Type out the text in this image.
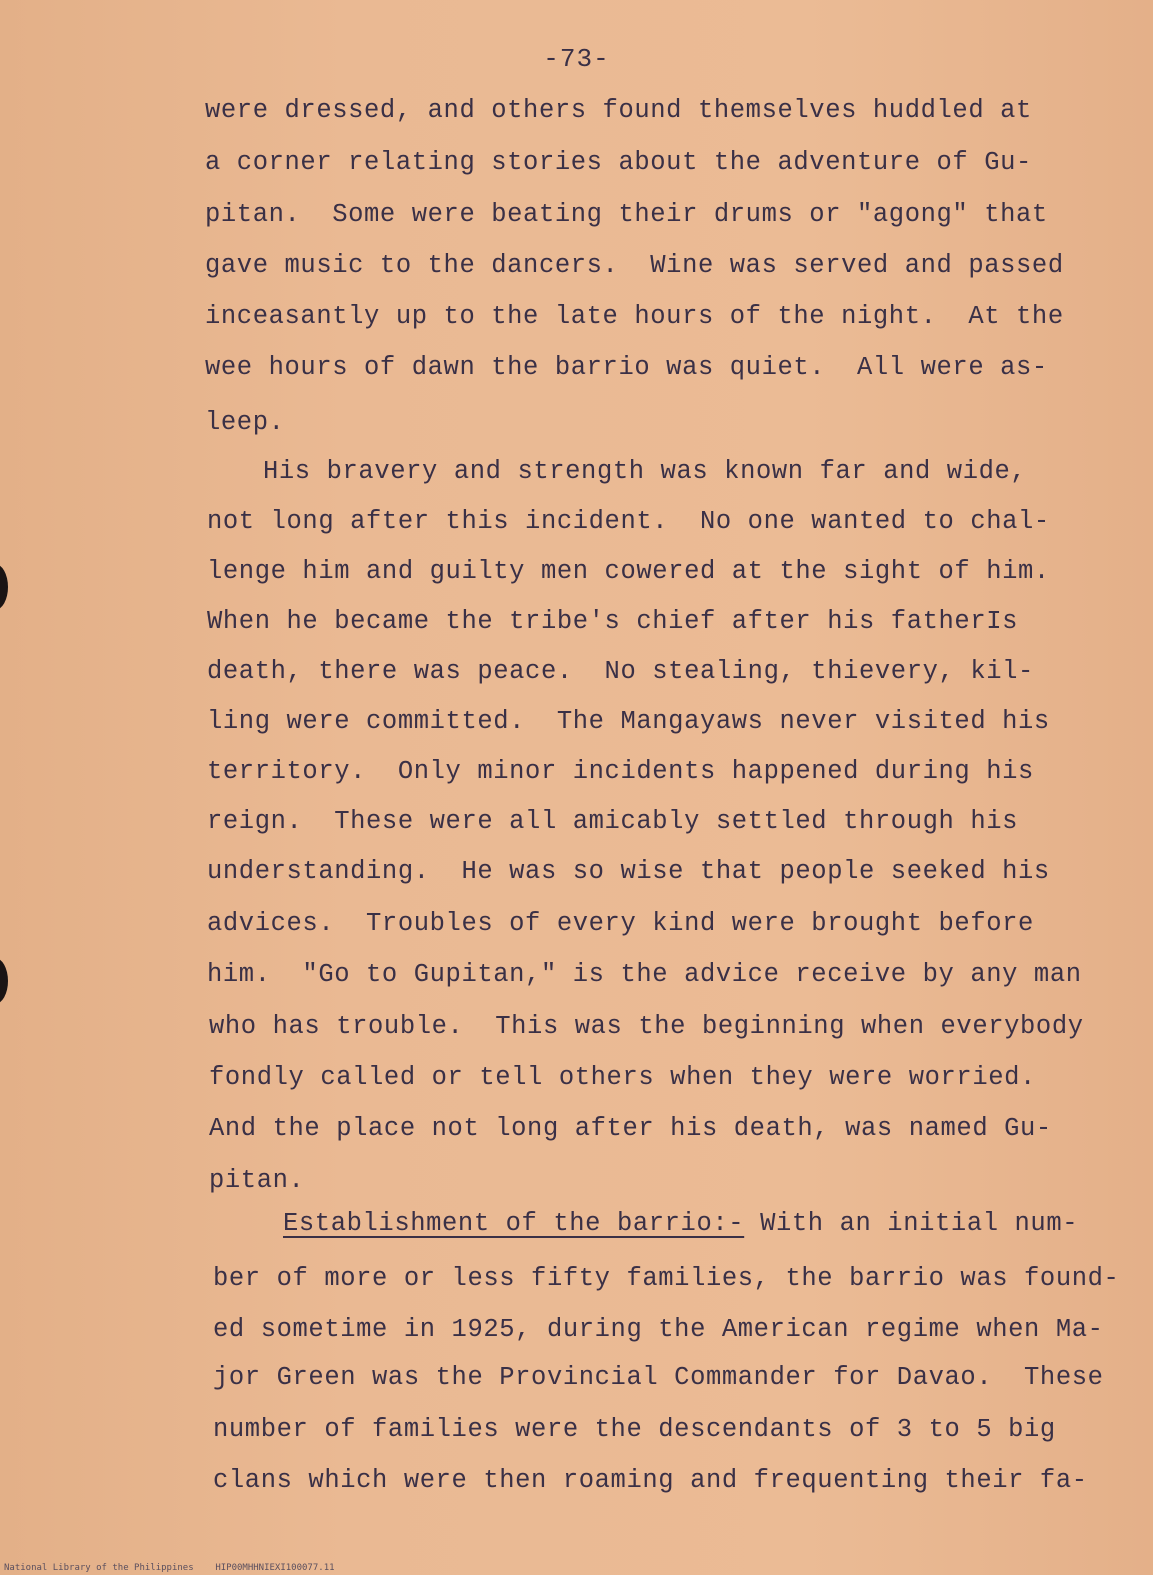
-73-
were dressed, and others found themselves huddled at
a corner relating stories about the adventure of Gu-
pitan.  Some were beating their drums or "agong" that
gave music to the dancers.  Wine was served and passed
inceasantly up to the late hours of the night.  At the
wee hours of dawn the barrio was quiet.  All were as-
leep.
His bravery and strength was known far and wide,
not long after this incident.  No one wanted to chal-
lenge him and guilty men cowered at the sight of him.
When he became the tribe's chief after his fatherIs
death, there was peace.  No stealing, thievery, kil-
ling were committed.  The Mangayaws never visited his
territory.  Only minor incidents happened during his
reign.  These were all amicably settled through his
understanding.  He was so wise that people seeked his
advices.  Troubles of every kind were brought before
him.  "Go to Gupitan," is the advice receive by any man
who has trouble.  This was the beginning when everybody
fondly called or tell others when they were worried.
And the place not long after his death, was named Gu-
pitan.
Establishment of the barrio:- With an initial num-
ber of more or less fifty families, the barrio was found-
ed sometime in 1925, during the American regime when Ma-
jor Green was the Provincial Commander for Davao.  These
number of families were the descendants of 3 to 5 big
clans which were then roaming and frequenting their fa-
National Library of the Philippines    HIP00MHHNIEXI100077.11
